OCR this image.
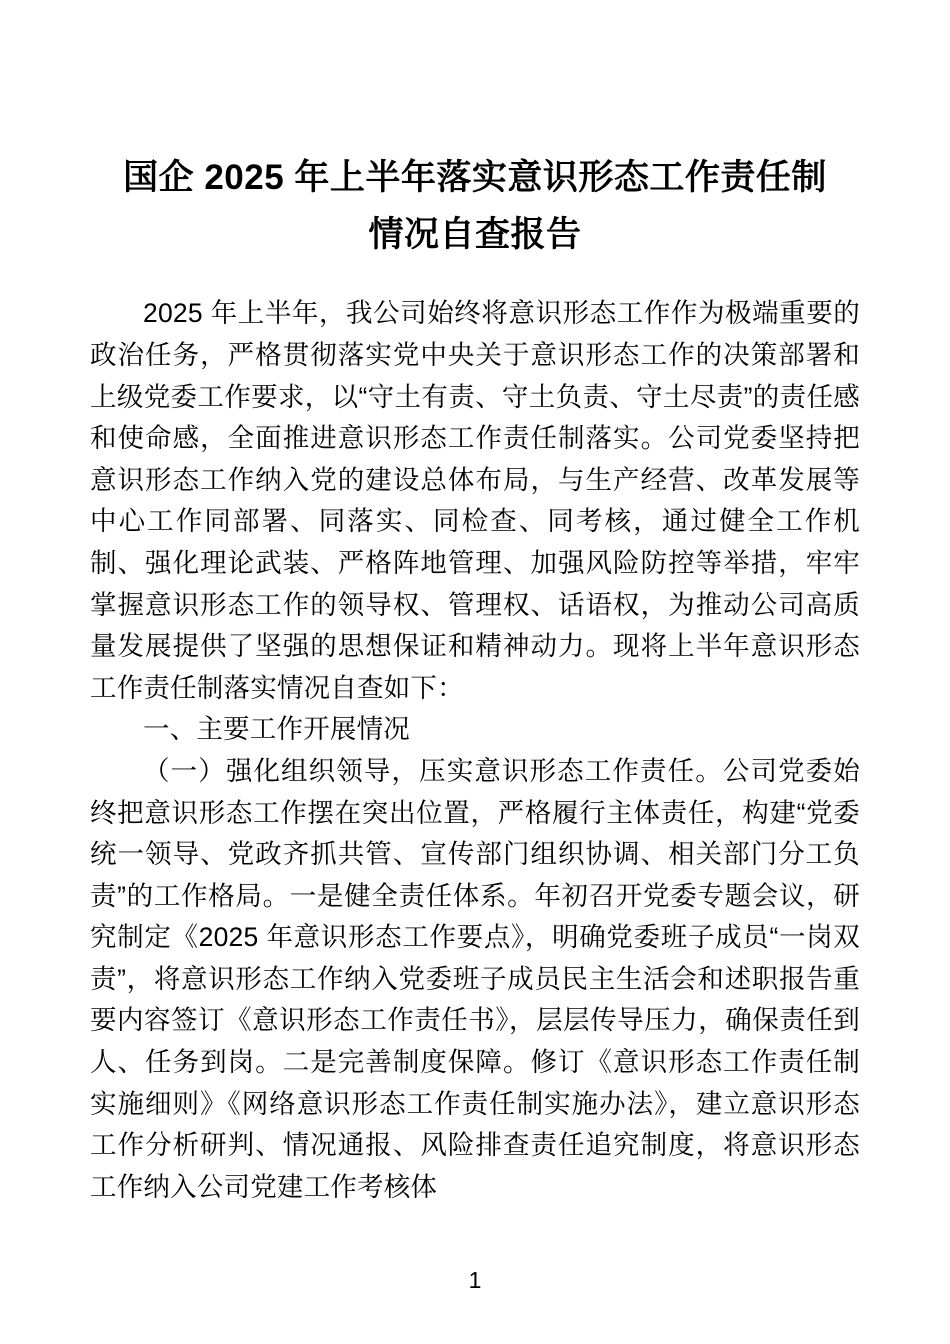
国企 2025 年上半年落实意识形态工作责任制情况自查报告

2025 年上半年，我公司始终将意识形态工作作为极端重要的政治任务，严格贯彻落实党中央关于意识形态工作的决策部署和上级党委工作要求，以“守土有责、守土负责、守土尽责”的责任感和使命感，全面推进意识形态工作责任制落实。公司党委坚持把意识形态工作纳入党的建设总体布局，与生产经营、改革发展等中心工作同部署、同落实、同检查、同考核，通过健全工作机制、强化理论武装、严格阵地管理、加强风险防控等举措，牢牢掌握意识形态工作的领导权、管理权、话语权，为推动公司高质量发展提供了坚强的思想保证和精神动力。现将上半年意识形态工作责任制落实情况自查如下：

一、主要工作开展情况

（一）强化组织领导，压实意识形态工作责任。公司党委始终把意识形态工作摆在突出位置，严格履行主体责任，构建“党委统一领导、党政齐抓共管、宣传部门组织协调、相关部门分工负责”的工作格局。一是健全责任体系。年初召开党委专题会议，研究制定《2025 年意识形态工作要点》，明确党委班子成员“一岗双责”，将意识形态工作纳入党委班子成员民主生活会和述职报告重要内容签订《意识形态工作责任书》，层层传导压力，确保责任到人、任务到岗。二是完善制度保障。修订《意识形态工作责任制实施细则》《网络意识形态工作责任制实施办法》，建立意识形态工作分析研判、情况通报、风险排查责任追究制度，将意识形态工作纳入公司党建工作考核体

1
